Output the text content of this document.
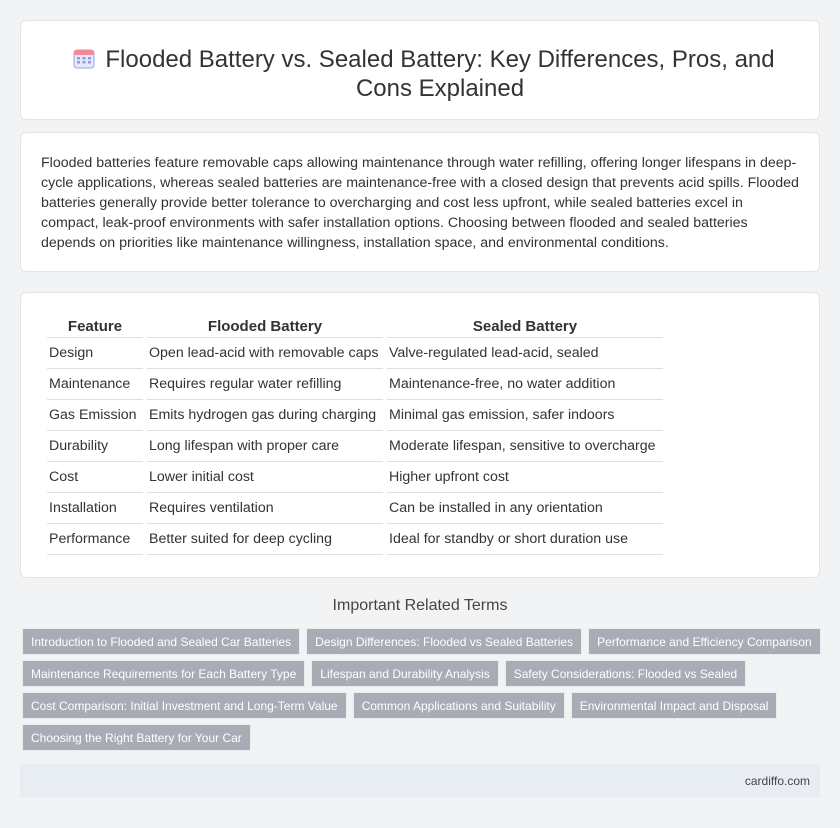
Flooded Battery vs. Sealed Battery: Key Differences, Pros, and Cons Explained

Flooded batteries feature removable caps allowing maintenance through water refilling, offering longer lifespans in deep-cycle applications, whereas sealed batteries are maintenance-free with a closed design that prevents acid spills. Flooded batteries generally provide better tolerance to overcharging and cost less upfront, while sealed batteries excel in compact, leak-proof environments with safer installation options. Choosing between flooded and sealed batteries depends on priorities like maintenance willingness, installation space, and environmental conditions.

Feature	Flooded Battery	Sealed Battery
Design	Open lead-acid with removable caps	Valve-regulated lead-acid, sealed
Maintenance	Requires regular water refilling	Maintenance-free, no water addition
Gas Emission	Emits hydrogen gas during charging	Minimal gas emission, safer indoors
Durability	Long lifespan with proper care	Moderate lifespan, sensitive to overcharge
Cost	Lower initial cost	Higher upfront cost
Installation	Requires ventilation	Can be installed in any orientation
Performance	Better suited for deep cycling	Ideal for standby or short duration use
Important Related Terms
Introduction to Flooded and Sealed Car Batteries	Design Differences: Flooded vs Sealed Batteries	Performance and Efficiency Comparison
Maintenance Requirements for Each Battery Type	Lifespan and Durability Analysis	Safety Considerations: Flooded vs Sealed
Cost Comparison: Initial Investment and Long-Term Value	Common Applications and Suitability	Environmental Impact and Disposal
Choosing the Right Battery for Your Car
cardiffo.com
